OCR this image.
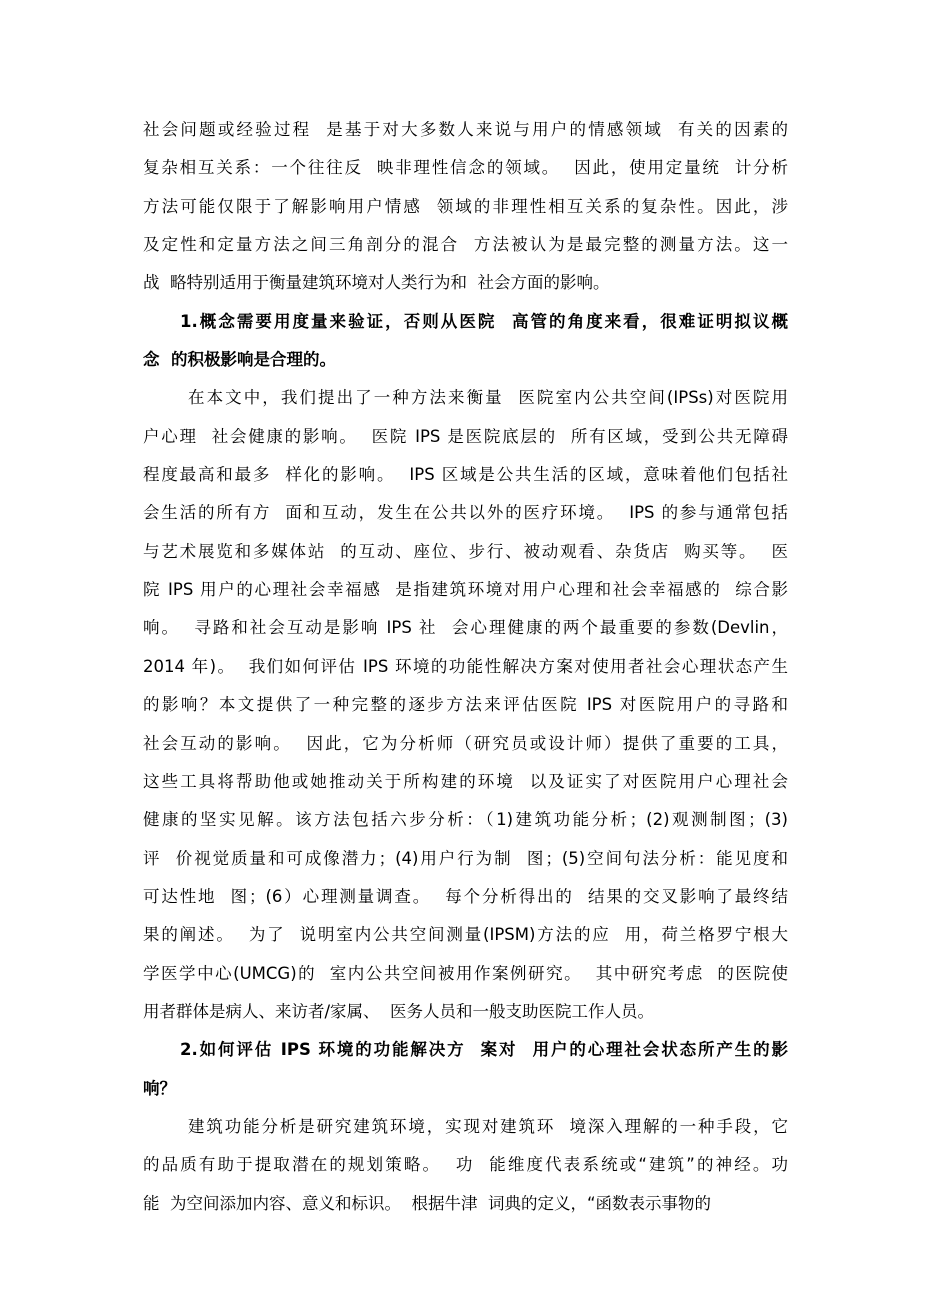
社会问题或经验过程  是基于对大多数人来说与用户的情感领域  有关的因素的
复杂相互关系：一个往往反  映非理性信念的领域。  因此，使用定量统  计分析
方法可能仅限于了解影响用户情感  领域的非理性相互关系的复杂性。因此，涉
及定性和定量方法之间三角剖分的混合  方法被认为是最完整的测量方法。这一
战  略特别适用于衡量建筑环境对人类行为和  社会方面的影响。
1.概念需要用度量来验证，否则从医院  高管的角度来看，很难证明拟议概
念  的积极影响是合理的。
在本文中，我们提出了一种方法来衡量  医院室内公共空间(IPSs)对医院用
户心理  社会健康的影响。  医院 IPS 是医院底层的  所有区域，受到公共无障碍
程度最高和最多  样化的影响。  IPS 区域是公共生活的区域，意味着他们包括社
会生活的所有方  面和互动，发生在公共以外的医疗环境。  IPS 的参与通常包括
与艺术展览和多媒体站  的互动、座位、步行、被动观看、杂货店  购买等。  医
院 IPS 用户的心理社会幸福感  是指建筑环境对用户心理和社会幸福感的  综合影
响。  寻路和社会互动是影响 IPS 社  会心理健康的两个最重要的参数(Devlin，
2014 年)。  我们如何评估 IPS 环境的功能性解决方案对使用者社会心理状态产生
的影响？本文提供了一种完整的逐步方法来评估医院 IPS 对医院用户的寻路和
社会互动的影响。  因此，它为分析师（研究员或设计师）提供了重要的工具，
这些工具将帮助他或她推动关于所构建的环境  以及证实了对医院用户心理社会
健康的坚实见解。该方法包括六步分析：（1)建筑功能分析；(2)观测制图；(3)
评  价视觉质量和可成像潜力；(4)用户行为制  图；(5)空间句法分析：能见度和
可达性地  图；(6）心理测量调查。  每个分析得出的  结果的交叉影响了最终结
果的阐述。  为了  说明室内公共空间测量(IPSM)方法的应  用，荷兰格罗宁根大
学医学中心(UMCG)的  室内公共空间被用作案例研究。  其中研究考虑  的医院使
用者群体是病人、来访者/家属、  医务人员和一般支助医院工作人员。
2.如何评估 IPS 环境的功能解决方  案对  用户的心理社会状态所产生的影
响？
建筑功能分析是研究建筑环境，实现对建筑环  境深入理解的一种手段，它
的品质有助于提取潜在的规划策略。  功  能维度代表系统或“建筑”的神经。功
能  为空间添加内容、意义和标识。  根据牛津  词典的定义，“函数表示事物的
